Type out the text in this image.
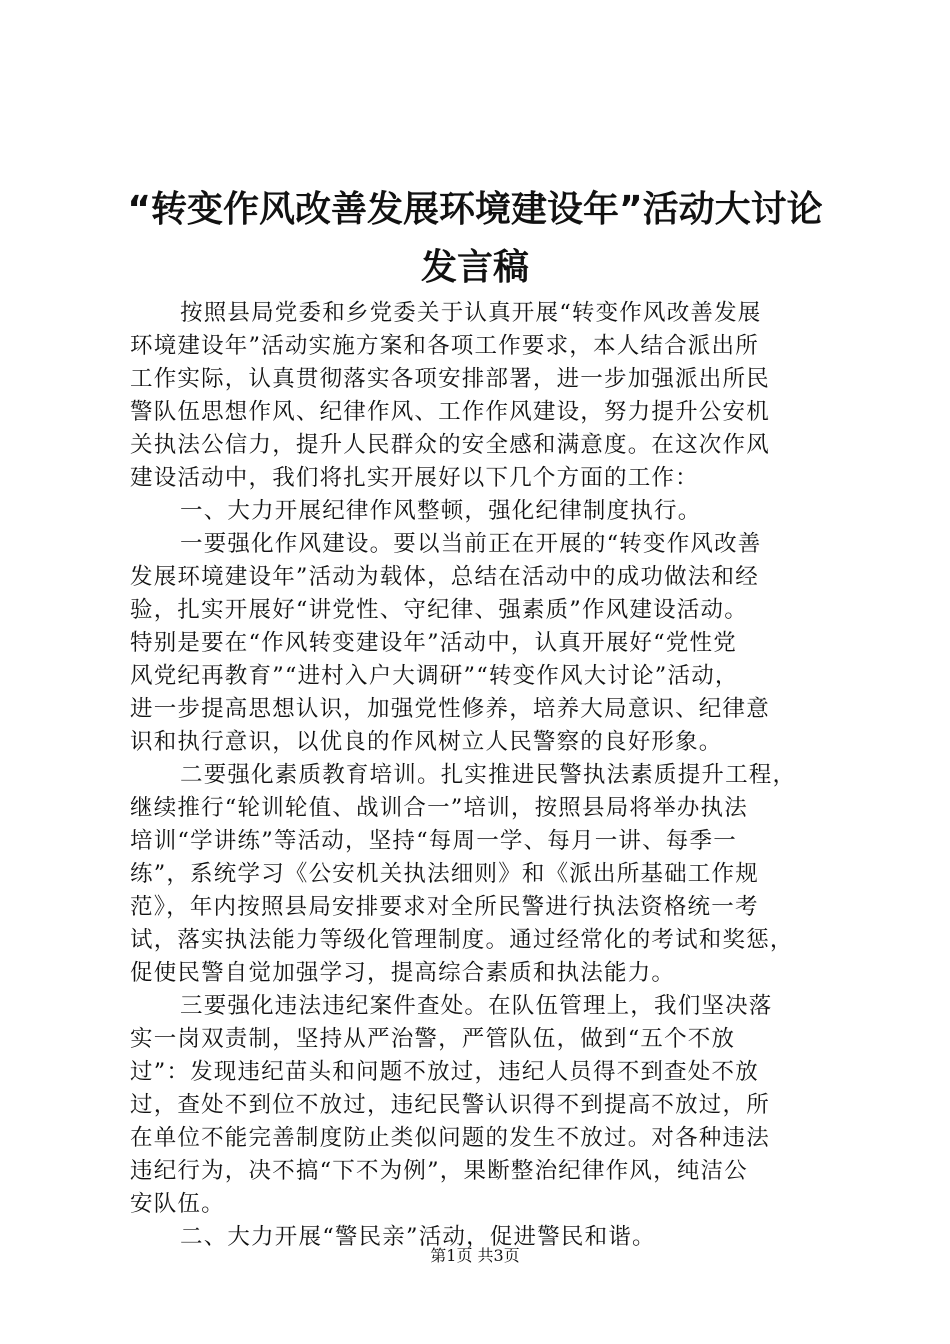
“转变作风改善发展环境建设年”活动大讨论
发言稿
按照县局党委和乡党委关于认真开展“转变作风改善发展
环境建设年”活动实施方案和各项工作要求，本人结合派出所
工作实际，认真贯彻落实各项安排部署，进一步加强派出所民
警队伍思想作风、纪律作风、工作作风建设，努力提升公安机
关执法公信力，提升人民群众的安全感和满意度。在这次作风
建设活动中，我们将扎实开展好以下几个方面的工作：
一、大力开展纪律作风整顿，强化纪律制度执行。
一要强化作风建设。要以当前正在开展的“转变作风改善
发展环境建设年”活动为载体，总结在活动中的成功做法和经
验，扎实开展好“讲党性、守纪律、强素质”作风建设活动。
特别是要在“作风转变建设年”活动中，认真开展好“党性党
风党纪再教育”“进村入户大调研”“转变作风大讨论”活动，
进一步提高思想认识，加强党性修养，培养大局意识、纪律意
识和执行意识，以优良的作风树立人民警察的良好形象。
二要强化素质教育培训。扎实推进民警执法素质提升工程，
继续推行“轮训轮值、战训合一”培训，按照县局将举办执法
培训“学讲练”等活动，坚持“每周一学、每月一讲、每季一
练”，系统学习《公安机关执法细则》和《派出所基础工作规
范》，年内按照县局安排要求对全所民警进行执法资格统一考
试，落实执法能力等级化管理制度。通过经常化的考试和奖惩，
促使民警自觉加强学习，提高综合素质和执法能力。
三要强化违法违纪案件查处。在队伍管理上，我们坚决落
实一岗双责制，坚持从严治警，严管队伍，做到“五个不放
过”：发现违纪苗头和问题不放过，违纪人员得不到查处不放
过，查处不到位不放过，违纪民警认识得不到提高不放过，所
在单位不能完善制度防止类似问题的发生不放过。对各种违法
违纪行为，决不搞“下不为例”，果断整治纪律作风，纯洁公
安队伍。
二、大力开展“警民亲”活动，促进警民和谐。
第1页 共3页
